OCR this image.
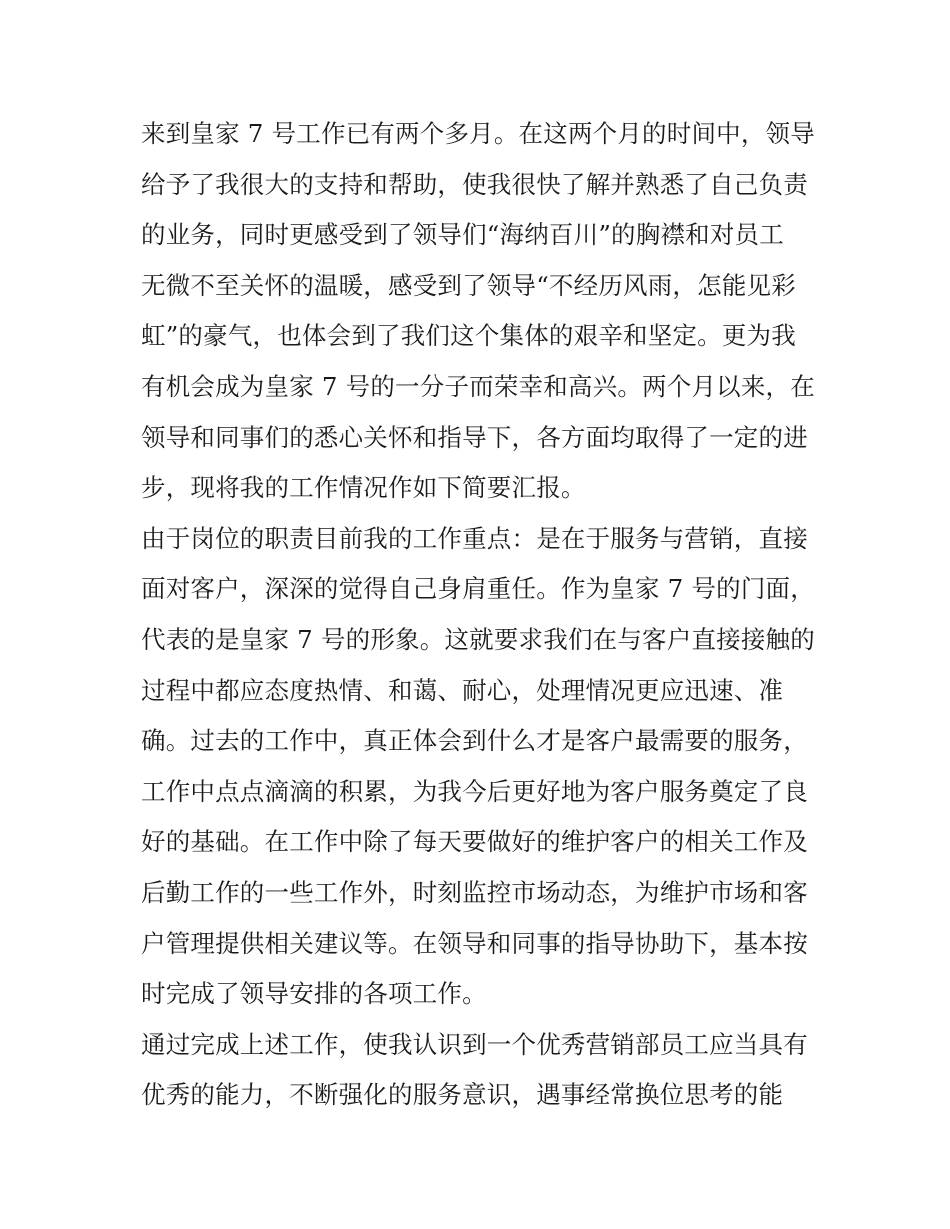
来到皇家 7 号工作已有两个多月。在这两个月的时间中，领导
给予了我很大的支持和帮助，使我很快了解并熟悉了自己负责
的业务，同时更感受到了领导们“海纳百川”的胸襟和对员工
无微不至关怀的温暖，感受到了领导“不经历风雨，怎能见彩
虹”的豪气，也体会到了我们这个集体的艰辛和坚定。更为我
有机会成为皇家 7 号的一分子而荣幸和高兴。两个月以来，在
领导和同事们的悉心关怀和指导下，各方面均取得了一定的进
步，现将我的工作情况作如下简要汇报。
由于岗位的职责目前我的工作重点：是在于服务与营销，直接
面对客户，深深的觉得自己身肩重任。作为皇家 7 号的门面，
代表的是皇家 7 号的形象。这就要求我们在与客户直接接触的
过程中都应态度热情、和蔼、耐心，处理情况更应迅速、准
确。过去的工作中，真正体会到什么才是客户最需要的服务，
工作中点点滴滴的积累，为我今后更好地为客户服务奠定了良
好的基础。在工作中除了每天要做好的维护客户的相关工作及
后勤工作的一些工作外，时刻监控市场动态，为维护市场和客
户管理提供相关建议等。在领导和同事的指导协助下，基本按
时完成了领导安排的各项工作。
通过完成上述工作，使我认识到一个优秀营销部员工应当具有
优秀的能力，不断强化的服务意识，遇事经常换位思考的能
